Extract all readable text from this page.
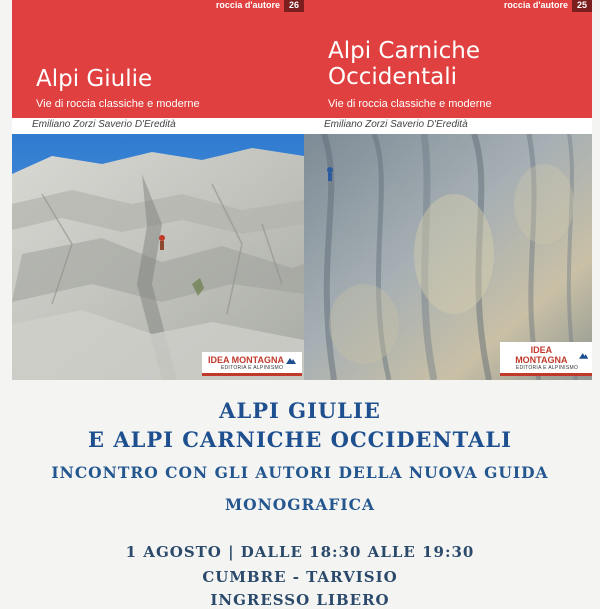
roccia d'autore	26
Alpi Giulie
Vie di roccia classiche e moderne
Emiliano Zorzi Saverio D'Eredità
IDEA MONTAGNA
EDITORIA E ALPINISMO
roccia d'autore	25
Alpi Carniche
Occidentali
Vie di roccia classiche e moderne
Emiliano Zorzi Saverio D'Eredità
IDEA MONTAGNA
EDITORIA E ALPINISMO
ALPI GIULIE
E ALPI CARNICHE OCCIDENTALI
INCONTRO CON GLI AUTORI DELLA NUOVA GUIDA
MONOGRAFICA
1 AGOSTO | DALLE 18:30 ALLE 19:30
CUMBRE - TARVISIO
INGRESSO LIBERO
